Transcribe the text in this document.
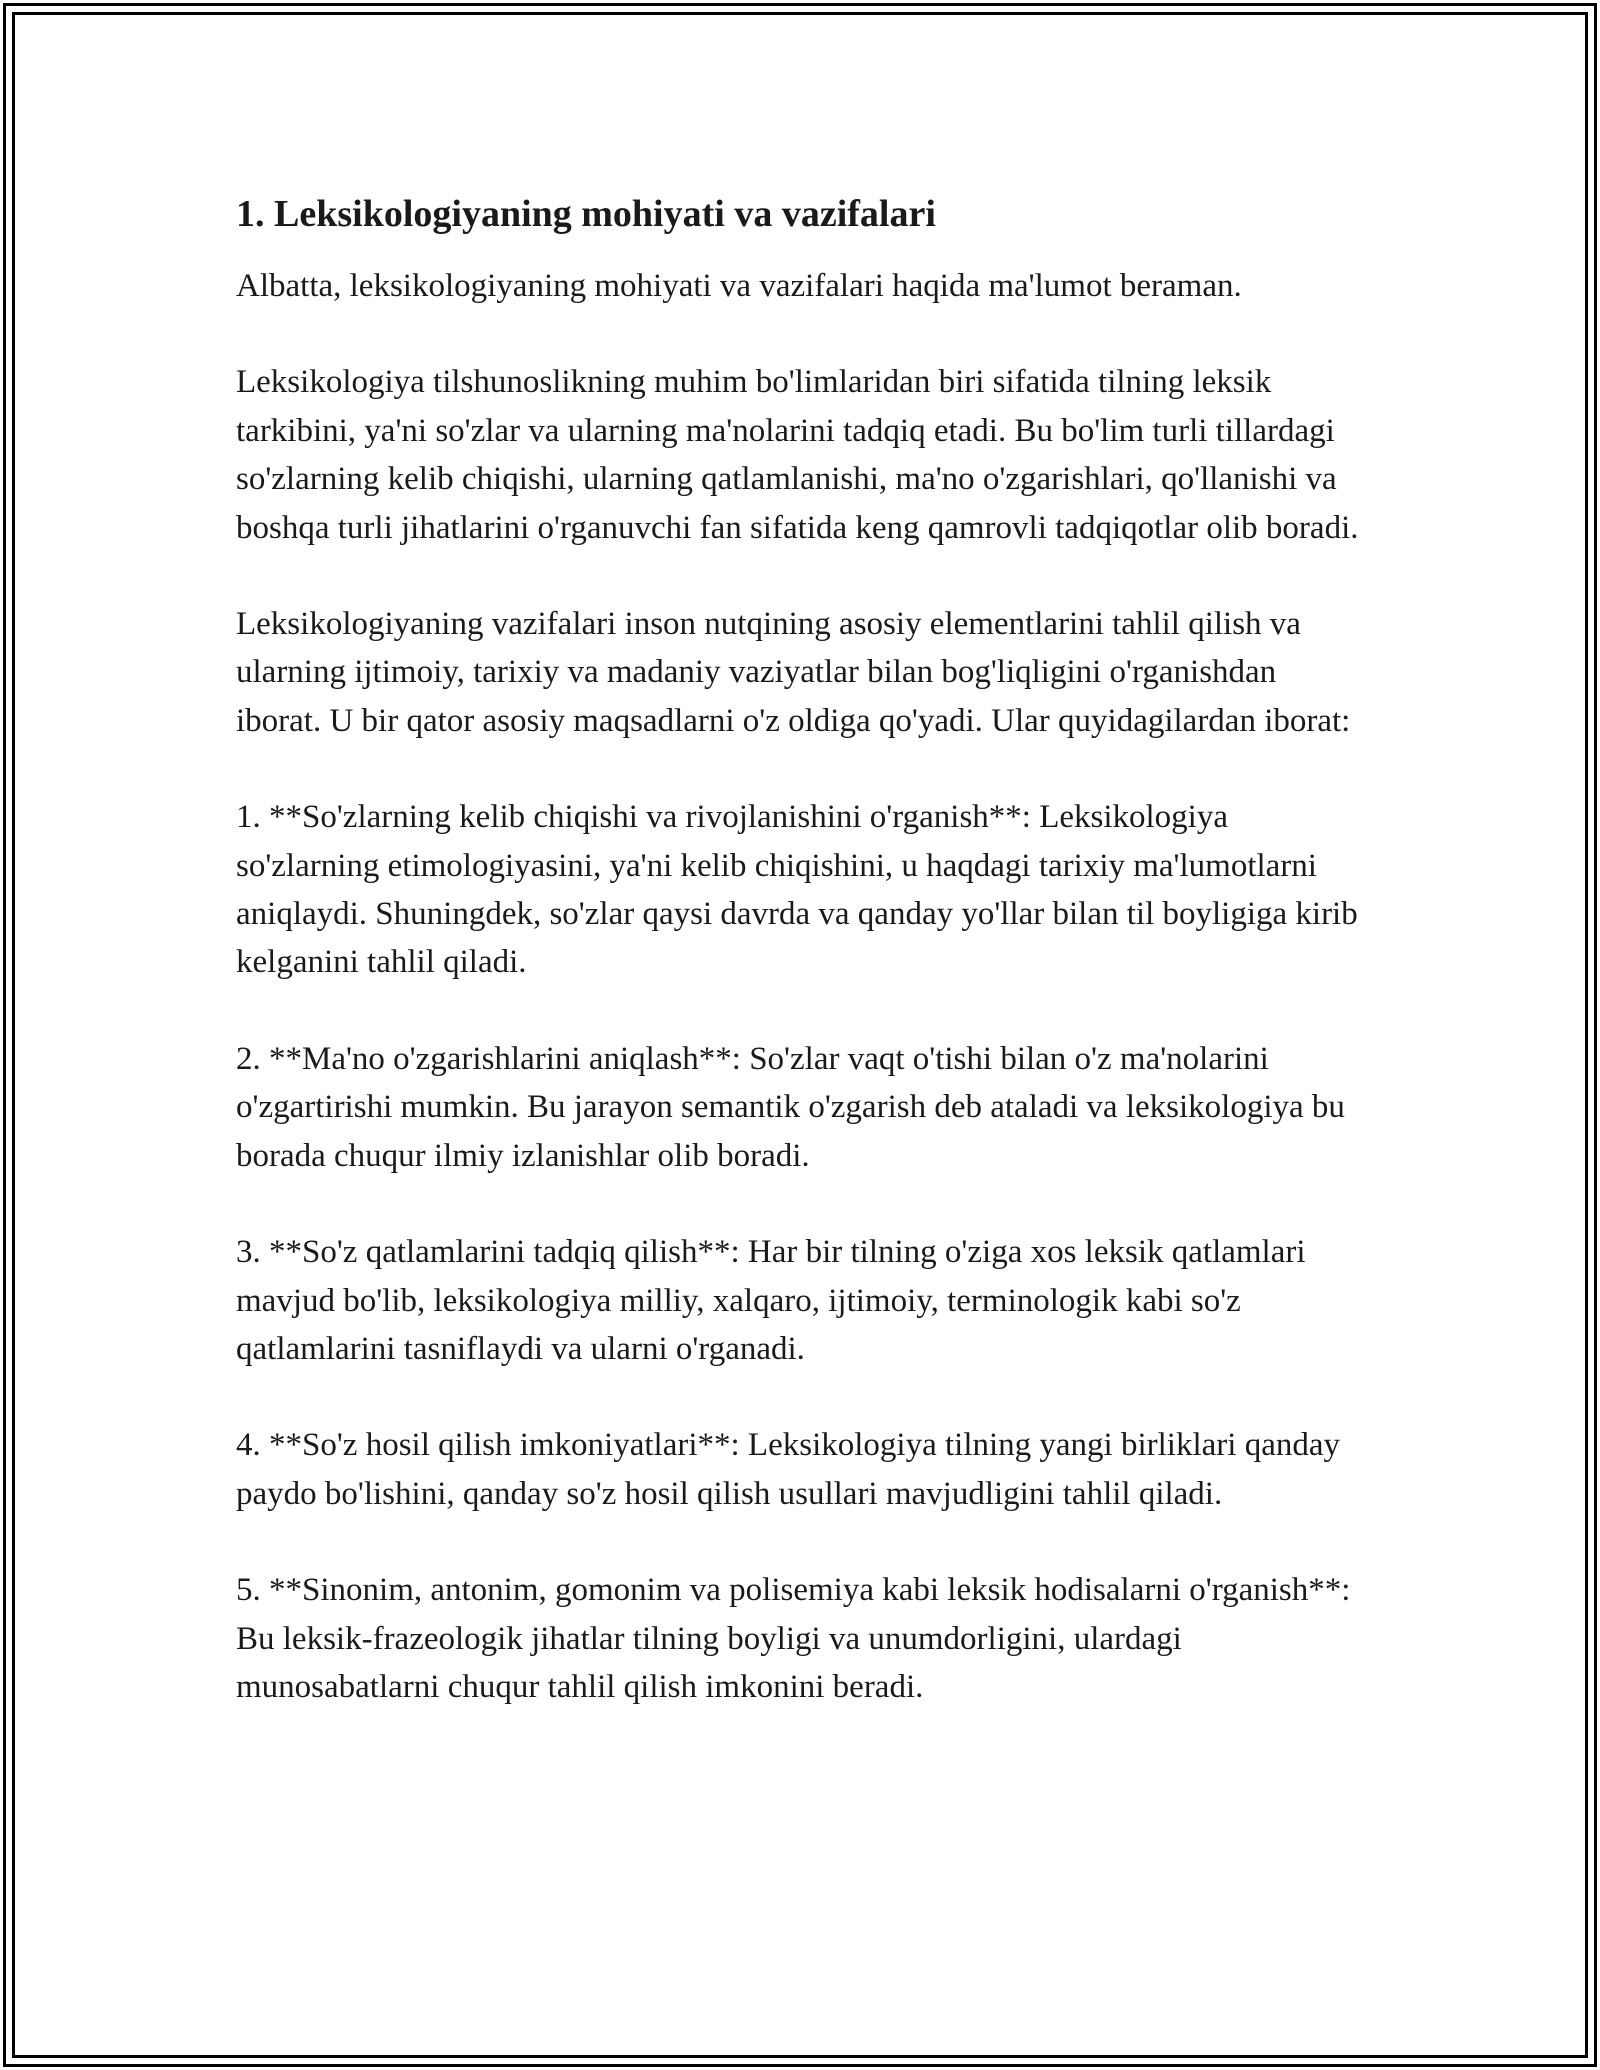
1. Leksikologiyaning mohiyati va vazifalari

Albatta, leksikologiyaning mohiyati va vazifalari haqida ma'lumot beraman.

Leksikologiya tilshunoslikning muhim bo'limlaridan biri sifatida tilning leksik tarkibini, ya'ni so'zlar va ularning ma'nolarini tadqiq etadi. Bu bo'lim turli tillardagi so'zlarning kelib chiqishi, ularning qatlamlanishi, ma'no o'zgarishlari, qo'llanishi va boshqa turli jihatlarini o'rganuvchi fan sifatida keng qamrovli tadqiqotlar olib boradi.

Leksikologiyaning vazifalari inson nutqining asosiy elementlarini tahlil qilish va ularning ijtimoiy, tarixiy va madaniy vaziyatlar bilan bog'liqligini o'rganishdan iborat. U bir qator asosiy maqsadlarni o'z oldiga qo'yadi. Ular quyidagilardan iborat:

1. **So'zlarning kelib chiqishi va rivojlanishini o'rganish**: Leksikologiya so'zlarning etimologiyasini, ya'ni kelib chiqishini, u haqdagi tarixiy ma'lumotlarni aniqlaydi. Shuningdek, so'zlar qaysi davrda va qanday yo'llar bilan til boyligiga kirib kelganini tahlil qiladi.

2. **Ma'no o'zgarishlarini aniqlash**: So'zlar vaqt o'tishi bilan o'z ma'nolarini o'zgartirishi mumkin. Bu jarayon semantik o'zgarish deb ataladi va leksikologiya bu borada chuqur ilmiy izlanishlar olib boradi.

3. **So'z qatlamlarini tadqiq qilish**: Har bir tilning o'ziga xos leksik qatlamlari mavjud bo'lib, leksikologiya milliy, xalqaro, ijtimoiy, terminologik kabi so'z qatlamlarini tasniflaydi va ularni o'rganadi.

4. **So'z hosil qilish imkoniyatlari**: Leksikologiya tilning yangi birliklari qanday paydo bo'lishini, qanday so'z hosil qilish usullari mavjudligini tahlil qiladi.

5. **Sinonim, antonim, gomonim va polisemiya kabi leksik hodisalarni o'rganish**: Bu leksik-frazeologik jihatlar tilning boyligi va unumdorligini, ulardagi munosabatlarni chuqur tahlil qilish imkonini beradi.
